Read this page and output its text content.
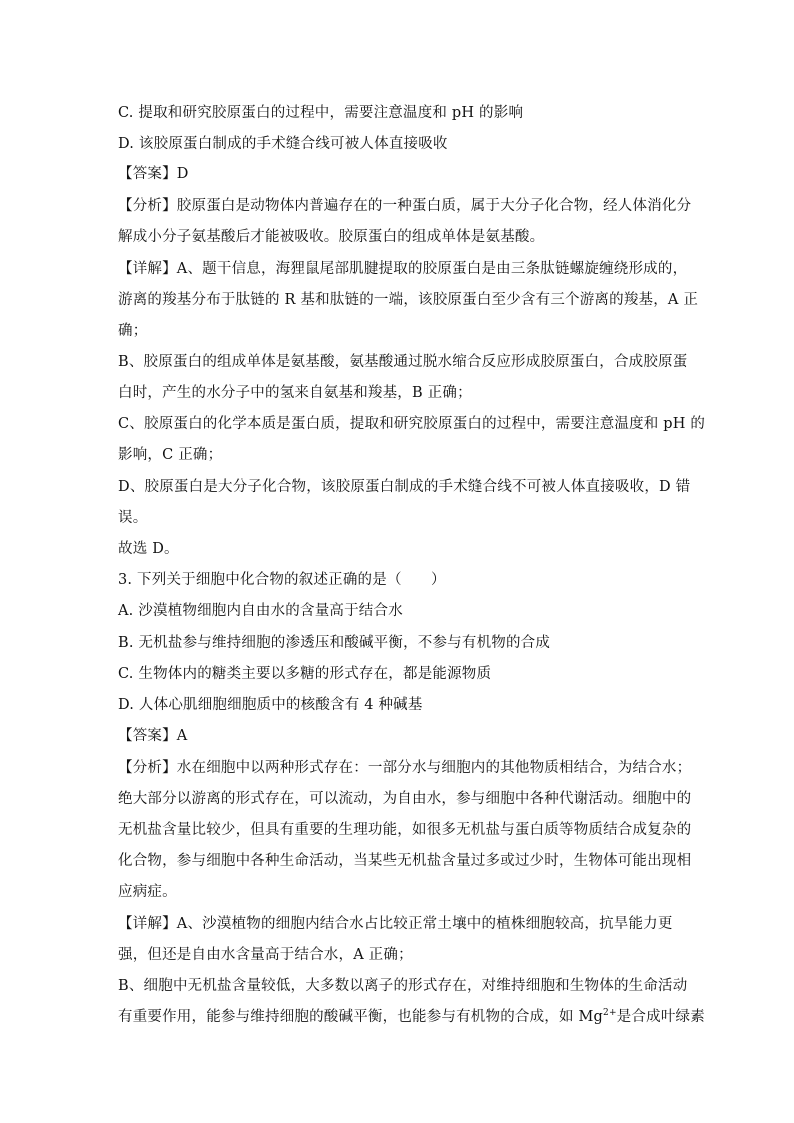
C. 提取和研究胶原蛋白的过程中，需要注意温度和 pH 的影响
D. 该胶原蛋白制成的手术缝合线可被人体直接吸收
【答案】D
【分析】胶原蛋白是动物体内普遍存在的一种蛋白质，属于大分子化合物，经人体消化分
解成小分子氨基酸后才能被吸收。胶原蛋白的组成单体是氨基酸。
【详解】A、题干信息，海狸鼠尾部肌腱提取的胶原蛋白是由三条肽链螺旋缠绕形成的，
游离的羧基分布于肽链的 R 基和肽链的一端，该胶原蛋白至少含有三个游离的羧基，A 正
确；
B、胶原蛋白的组成单体是氨基酸，氨基酸通过脱水缩合反应形成胶原蛋白，合成胶原蛋
白时，产生的水分子中的氢来自氨基和羧基，B 正确；
C、胶原蛋白的化学本质是蛋白质，提取和研究胶原蛋白的过程中，需要注意温度和 pH 的
影响，C 正确；
D、胶原蛋白是大分子化合物，该胶原蛋白制成的手术缝合线不可被人体直接吸收，D 错
误。
故选 D。
3. 下列关于细胞中化合物的叙述正确的是（　　）
A. 沙漠植物细胞内自由水的含量高于结合水
B. 无机盐参与维持细胞的渗透压和酸碱平衡，不参与有机物的合成
C. 生物体内的糖类主要以多糖的形式存在，都是能源物质
D. 人体心肌细胞细胞质中的核酸含有 4 种碱基
【答案】A
【分析】水在细胞中以两种形式存在：一部分水与细胞内的其他物质相结合，为结合水；
绝大部分以游离的形式存在，可以流动，为自由水，参与细胞中各种代谢活动。细胞中的
无机盐含量比较少，但具有重要的生理功能，如很多无机盐与蛋白质等物质结合成复杂的
化合物，参与细胞中各种生命活动，当某些无机盐含量过多或过少时，生物体可能出现相
应病症。
【详解】A、沙漠植物的细胞内结合水占比较正常土壤中的植株细胞较高，抗旱能力更
强，但还是自由水含量高于结合水，A 正确；
B、细胞中无机盐含量较低，大多数以离子的形式存在，对维持细胞和生物体的生命活动
有重要作用，能参与维持细胞的酸碱平衡，也能参与有机物的合成，如 $Mg^{2+}$是合成叶绿素
